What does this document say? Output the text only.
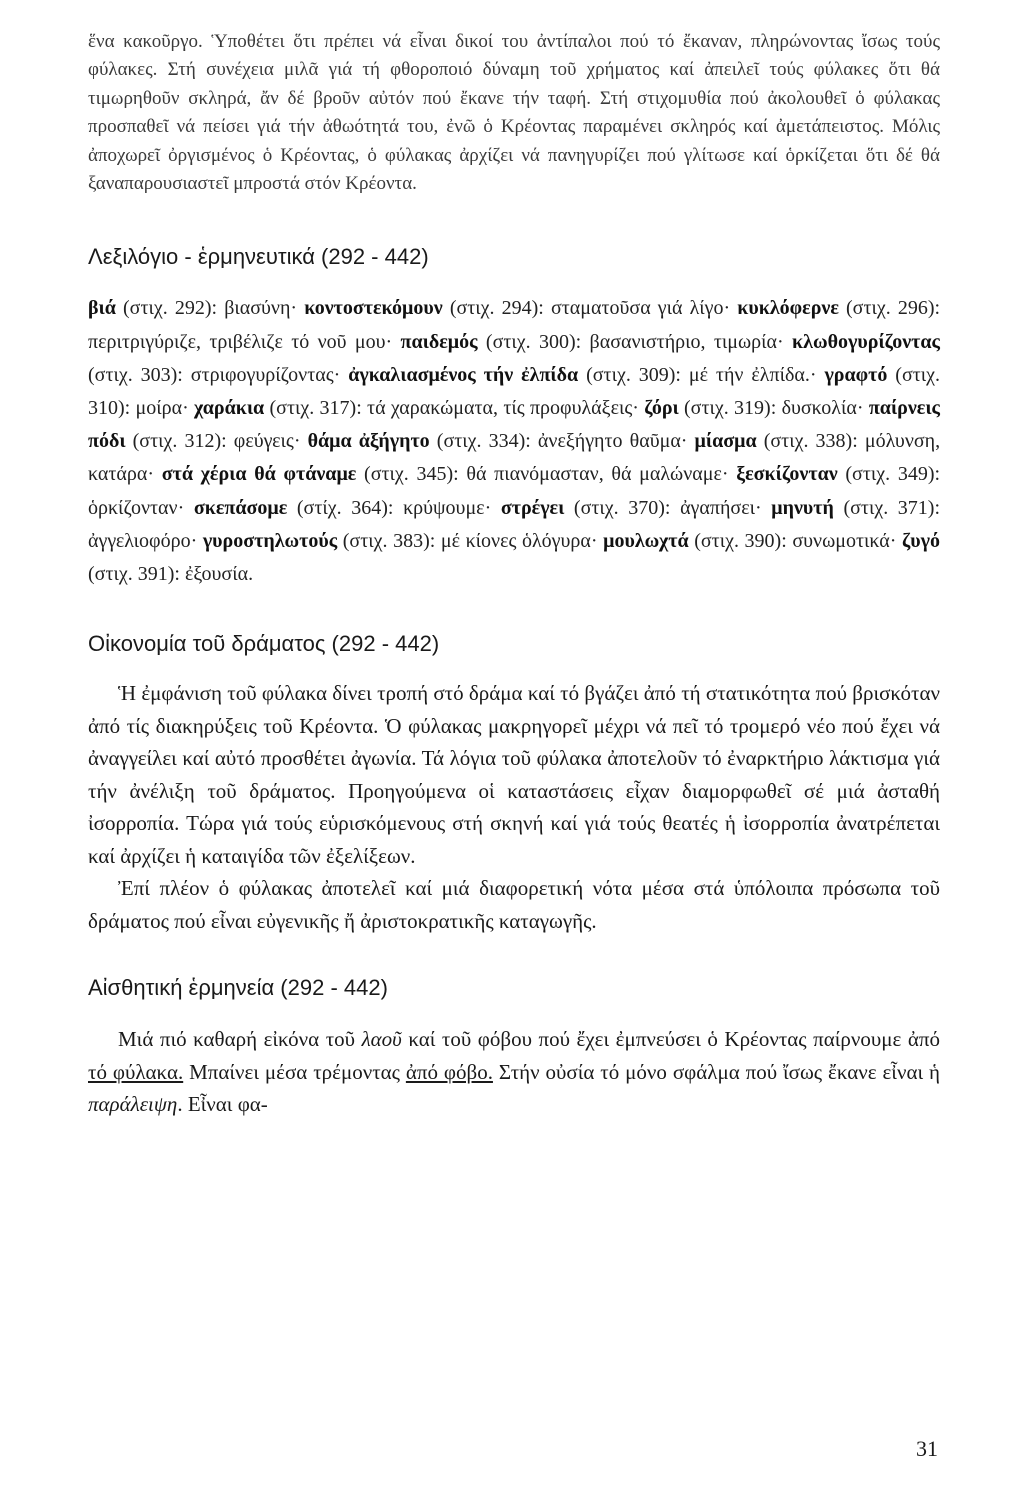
ἕνα κακοῦργο. Ὑποθέτει ὅτι πρέπει νά εἶναι δικοί του ἀντίπαλοι πού τό ἔκαναν, πληρώνοντας ἴσως τούς φύλακες. Στή συνέχεια μιλᾶ γιά τή φθοροποιό δύναμη τοῦ χρήματος καί ἀπειλεῖ τούς φύλακες ὅτι θά τιμωρηθοῦν σκληρά, ἄν δέ βροῦν αὐτόν πού ἔκανε τήν ταφή. Στή στιχομυθία πού ἀκολουθεῖ ὁ φύλακας προσπαθεῖ νά πείσει γιά τήν ἀθωότητά του, ἐνῶ ὁ Κρέοντας παραμένει σκληρός καί ἀμετάπειστος. Μόλις ἀποχωρεῖ ὀργισμένος ὁ Κρέοντας, ὁ φύλακας ἀρχίζει νά πανηγυρίζει πού γλίτωσε καί ὁρκίζεται ὅτι δέ θά ξαναπαρουσιαστεῖ μπροστά στόν Κρέοντα.

Λεξιλόγιο - ἑρμηνευτικά (292 - 442)

βιά (στιχ. 292): βιασύνη· κοντοστεκόμουν (στιχ. 294): σταματοῦσα γιά λίγο· κυκλόφερνε (στιχ. 296): περιτριγύριζε, τριβέλιζε τό νοῦ μου· παιδεμός (στιχ. 300): βασανιστήριο, τιμωρία· κλωθογυρίζοντας (στιχ. 303): στριφογυρίζοντας· ἀγκαλιασμένος τήν ἐλπίδα (στιχ. 309): μέ τήν ἐλπίδα.· γραφτό (στιχ. 310): μοίρα· χαράκια (στιχ. 317): τά χαρακώματα, τίς προφυλάξεις· ζόρι (στιχ. 319): δυσκολία· παίρνεις πόδι (στιχ. 312): φεύγεις· θάμα ἀξήγητο (στιχ. 334): ἀνεξήγητο θαῦμα· μίασμα (στιχ. 338): μόλυνση, κατάρα· στά χέρια θά φτάναμε (στιχ. 345): θά πιανόμασταν, θά μαλώναμε· ξεσκίζονταν (στιχ. 349): ὁρκίζονταν· σκεπάσομε (στίχ. 364): κρύψουμε· στρέγει (στιχ. 370): ἀγαπήσει· μηνυτή (στιχ. 371): ἀγγελιοφόρο· γυροστηλωτούς (στιχ. 383): μέ κίονες ὁλόγυρα· μουλωχτά (στιχ. 390): συνωμοτικά· ζυγό (στιχ. 391): ἐξουσία.

Οἰκονομία τοῦ δράματος (292 - 442)

Ἡ ἐμφάνιση τοῦ φύλακα δίνει τροπή στό δράμα καί τό βγάζει ἀπό τή στατικότητα πού βρισκόταν ἀπό τίς διακηρύξεις τοῦ Κρέοντα. Ὁ φύλακας μακρηγορεῖ μέχρι νά πεῖ τό τρομερό νέο πού ἔχει νά ἀναγγείλει καί αὐτό προσθέτει ἀγωνία. Τά λόγια τοῦ φύλακα ἀποτελοῦν τό ἐναρκτήριο λάκτισμα γιά τήν ἀνέλιξη τοῦ δράματος. Προηγούμενα οἱ καταστάσεις εἶχαν διαμορφωθεῖ σέ μιά ἀσταθή ἰσορροπία. Τώρα γιά τούς εὑρισκόμενους στή σκηνή καί γιά τούς θεατές ἡ ἰσορροπία ἀνατρέπεται καί ἀρχίζει ἡ καταιγίδα τῶν ἐξελίξεων.

Ἐπί πλέον ὁ φύλακας ἀποτελεῖ καί μιά διαφορετική νότα μέσα στά ὑπόλοιπα πρόσωπα τοῦ δράματος πού εἶναι εὐγενικῆς ἤ ἀριστοκρατικῆς καταγωγῆς.

Αἰσθητική ἑρμηνεία (292 - 442)

Μιά πιό καθαρή εἰκόνα τοῦ λαοῦ καί τοῦ φόβου πού ἔχει ἐμπνεύσει ὁ Κρέοντας παίρνουμε ἀπό τό φύλακα. Μπαίνει μέσα τρέμοντας ἀπό φόβο. Στήν οὐσία τό μόνο σφάλμα πού ἴσως ἔκανε εἶναι ἡ παράλειψη. Εἶναι φα-

31
